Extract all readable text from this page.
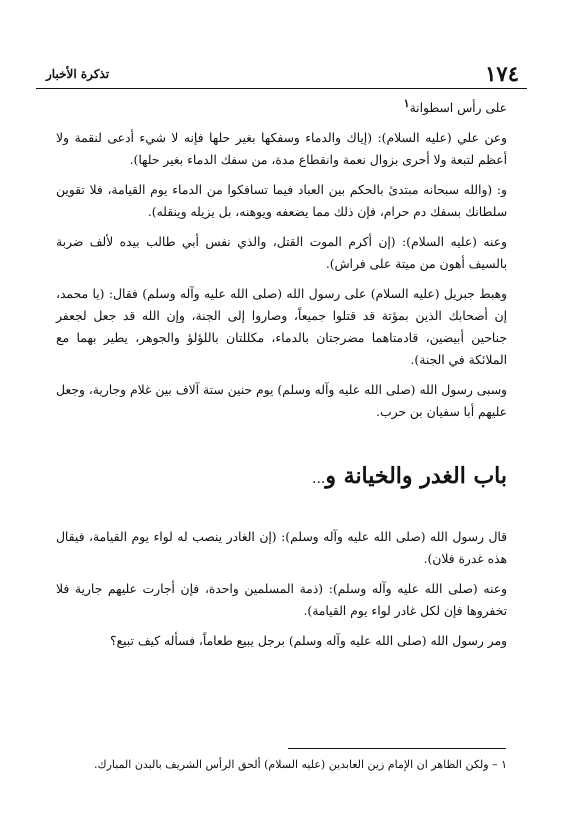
١٧٤
تذكرة الأخبار

على رأس اسطوانة١

وعن علي (عليه السلام): (إياك والدماء وسفكها بغير حلها فإنه لا شيء أدعى لنقمة ولا أعظم لتبعة ولا أحرى بزوال نعمة وانقطاع مدة، من سفك الدماء بغير حلها).

و: (والله سبحانه مبتدئ بالحكم بين العباد فيما تسافكوا من الدماء يوم القيامة، فلا تقوين سلطانك بسفك دم حرام، فإن ذلك مما يضعفه ويوهنه، بل يزيله وينقله).

وعنه (عليه السلام): (إن أكرم الموت القتل، والذي نفس أبي طالب بيده لألف ضربة بالسيف أهون من ميتة على فراش).

وهبط جبريل (عليه السلام) على رسول الله (صلى الله عليه وآله وسلم) فقال: (يا محمد، إن أصحابك الذين بمؤتة قد قتلوا جميعاً، وصاروا إلى الجنة، وإن الله قد جعل لجعفر جناحين أبيضين، قادمتاهما مضرجتان بالدماء، مكللتان باللؤلؤ والجوهر، يطير بهما مع الملائكة في الجنة).

وسبى رسول الله (صلى الله عليه وآله وسلم) يوم حنين ستة آلاف بين غلام وجارية، وجعل عليهم أبا سفيان بن حرب.

باب الغدر والخيانة و...

قال رسول الله (صلى الله عليه وآله وسلم): (إن الغادر ينصب له لواء يوم القيامة، فيقال هذه غدرة فلان).

وعنه (صلى الله عليه وآله وسلم): (ذمة المسلمين واحدة، فإن أجارت عليهم جارية فلا تخفروها فإن لكل غادر لواء يوم القيامة).

ومر رسول الله (صلى الله عليه وآله وسلم) برجل يبيع طعاماً، فسأله كيف تبيع؟

١ – ولكن الظاهر ان الإمام زين العابدين (عليه السلام) ألحق الرأس الشريف بالبدن المبارك.
